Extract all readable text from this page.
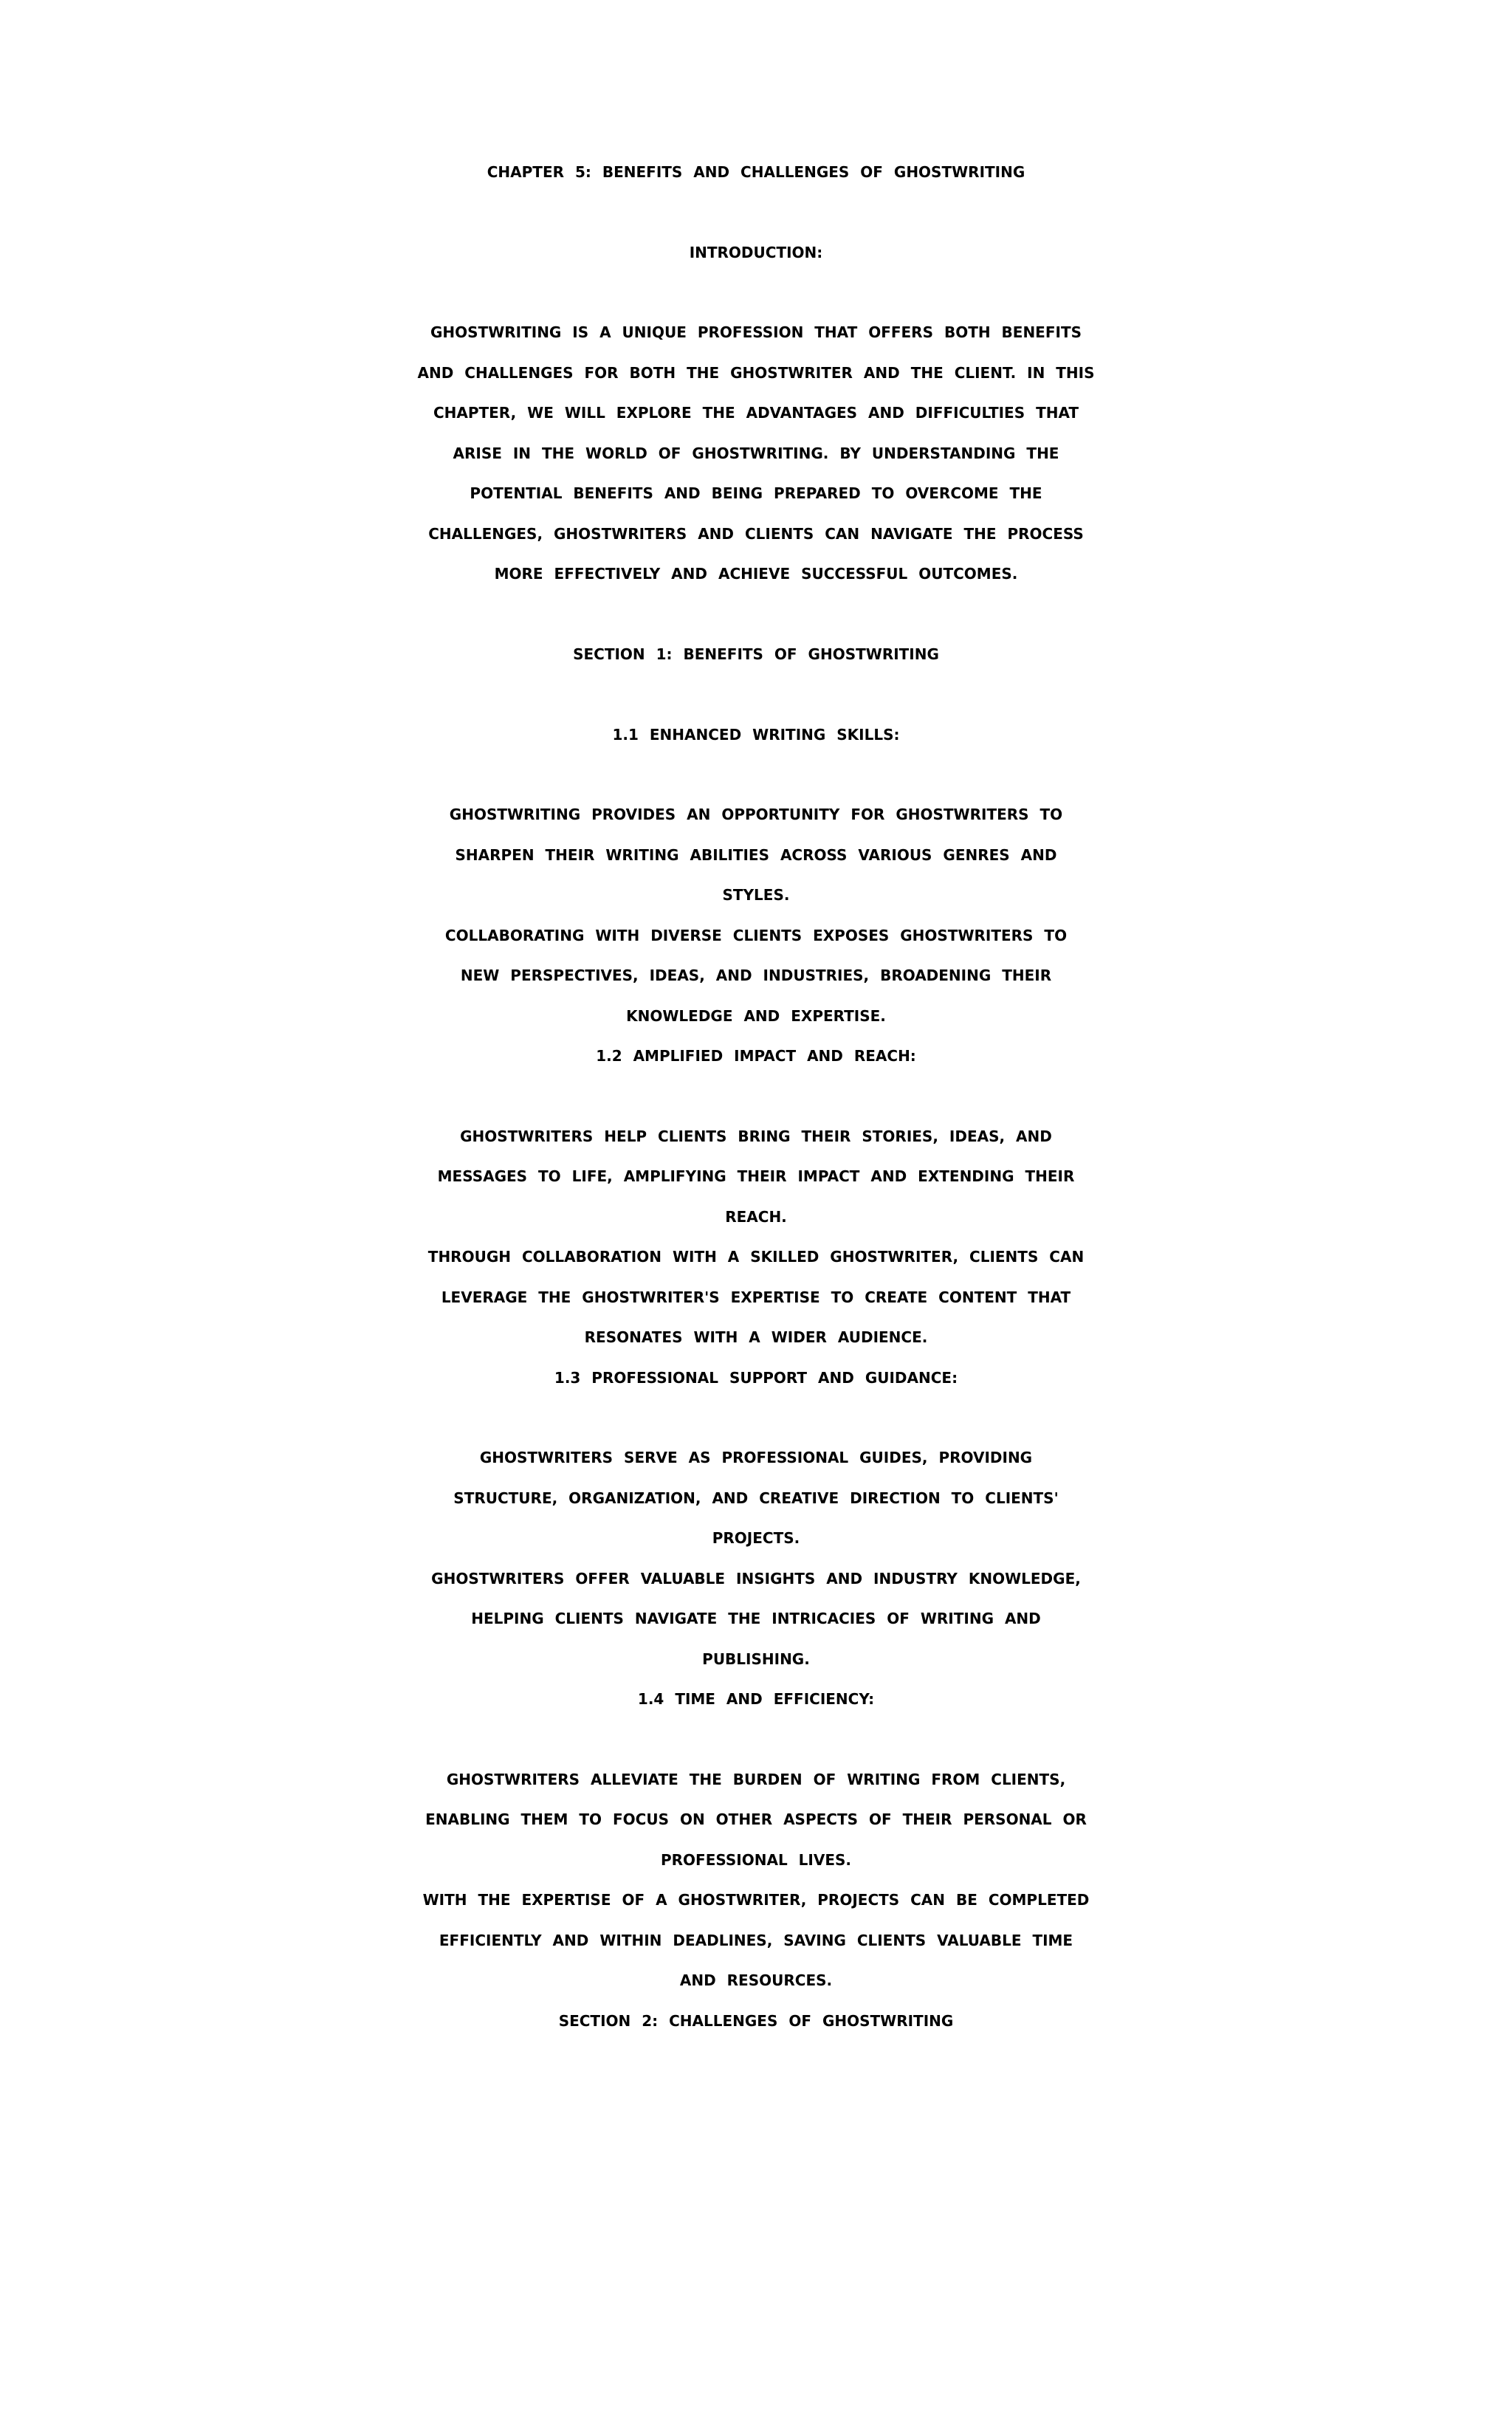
CHAPTER 5: BENEFITS AND CHALLENGES OF GHOSTWRITING
INTRODUCTION:
GHOSTWRITING IS A UNIQUE PROFESSION THAT OFFERS BOTH BENEFITS
AND CHALLENGES FOR BOTH THE GHOSTWRITER AND THE CLIENT. IN THIS
CHAPTER, WE WILL EXPLORE THE ADVANTAGES AND DIFFICULTIES THAT
ARISE IN THE WORLD OF GHOSTWRITING. BY UNDERSTANDING THE
POTENTIAL BENEFITS AND BEING PREPARED TO OVERCOME THE
CHALLENGES, GHOSTWRITERS AND CLIENTS CAN NAVIGATE THE PROCESS
MORE EFFECTIVELY AND ACHIEVE SUCCESSFUL OUTCOMES.
SECTION 1: BENEFITS OF GHOSTWRITING
1.1 ENHANCED WRITING SKILLS:
GHOSTWRITING PROVIDES AN OPPORTUNITY FOR GHOSTWRITERS TO
SHARPEN THEIR WRITING ABILITIES ACROSS VARIOUS GENRES AND
STYLES.
COLLABORATING WITH DIVERSE CLIENTS EXPOSES GHOSTWRITERS TO
NEW PERSPECTIVES, IDEAS, AND INDUSTRIES, BROADENING THEIR
KNOWLEDGE AND EXPERTISE.
1.2 AMPLIFIED IMPACT AND REACH:
GHOSTWRITERS HELP CLIENTS BRING THEIR STORIES, IDEAS, AND
MESSAGES TO LIFE, AMPLIFYING THEIR IMPACT AND EXTENDING THEIR
REACH.
THROUGH COLLABORATION WITH A SKILLED GHOSTWRITER, CLIENTS CAN
LEVERAGE THE GHOSTWRITER'S EXPERTISE TO CREATE CONTENT THAT
RESONATES WITH A WIDER AUDIENCE.
1.3 PROFESSIONAL SUPPORT AND GUIDANCE:
GHOSTWRITERS SERVE AS PROFESSIONAL GUIDES, PROVIDING
STRUCTURE, ORGANIZATION, AND CREATIVE DIRECTION TO CLIENTS'
PROJECTS.
GHOSTWRITERS OFFER VALUABLE INSIGHTS AND INDUSTRY KNOWLEDGE,
HELPING CLIENTS NAVIGATE THE INTRICACIES OF WRITING AND
PUBLISHING.
1.4 TIME AND EFFICIENCY:
GHOSTWRITERS ALLEVIATE THE BURDEN OF WRITING FROM CLIENTS,
ENABLING THEM TO FOCUS ON OTHER ASPECTS OF THEIR PERSONAL OR
PROFESSIONAL LIVES.
WITH THE EXPERTISE OF A GHOSTWRITER, PROJECTS CAN BE COMPLETED
EFFICIENTLY AND WITHIN DEADLINES, SAVING CLIENTS VALUABLE TIME
AND RESOURCES.
SECTION 2: CHALLENGES OF GHOSTWRITING
